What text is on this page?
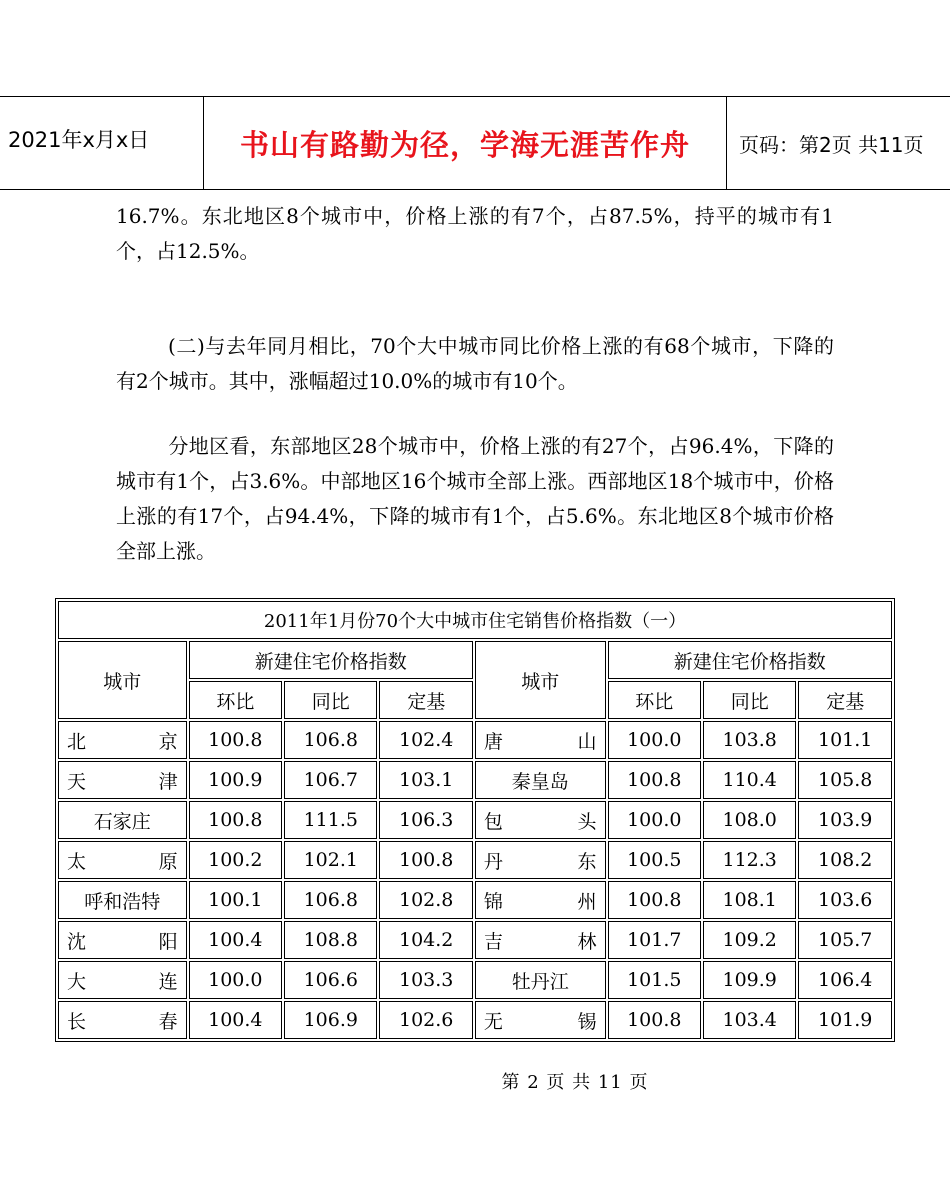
2021年x月x日	书山有路勤为径，学海无涯苦作舟	页码：第2页 共11页
16.7%。东北地区8个城市中，价格上涨的有7个，占87.5%，持平的城市有1个，占12.5%。
(二)与去年同月相比，70个大中城市同比价格上涨的有68个城市，下降的有2个城市。其中，涨幅超过10.0%的城市有10个。
分地区看，东部地区28个城市中，价格上涨的有27个，占96.4%，下降的城市有1个，占3.6%。中部地区16个城市全部上涨。西部地区18个城市中，价格上涨的有17个，占94.4%，下降的城市有1个，占5.6%。东北地区8个城市价格全部上涨。
2011年1月份70个大中城市住宅销售价格指数（一）							
城市	新建住宅价格指数			城市	新建住宅价格指数		
	环比	同比	定基		环比	同比	定基
北京	100.8	106.8	102.4	唐山	100.0	103.8	101.1
天津	100.9	106.7	103.1	秦皇岛	100.8	110.4	105.8
石家庄	100.8	111.5	106.3	包头	100.0	108.0	103.9
太原	100.2	102.1	100.8	丹东	100.5	112.3	108.2
呼和浩特	100.1	106.8	102.8	锦州	100.8	108.1	103.6
沈阳	100.4	108.8	104.2	吉林	101.7	109.2	105.7
大连	100.0	106.6	103.3	牡丹江	101.5	109.9	106.4
长春	100.4	106.9	102.6	无锡	100.8	103.4	101.9
第 2 页 共 11 页
